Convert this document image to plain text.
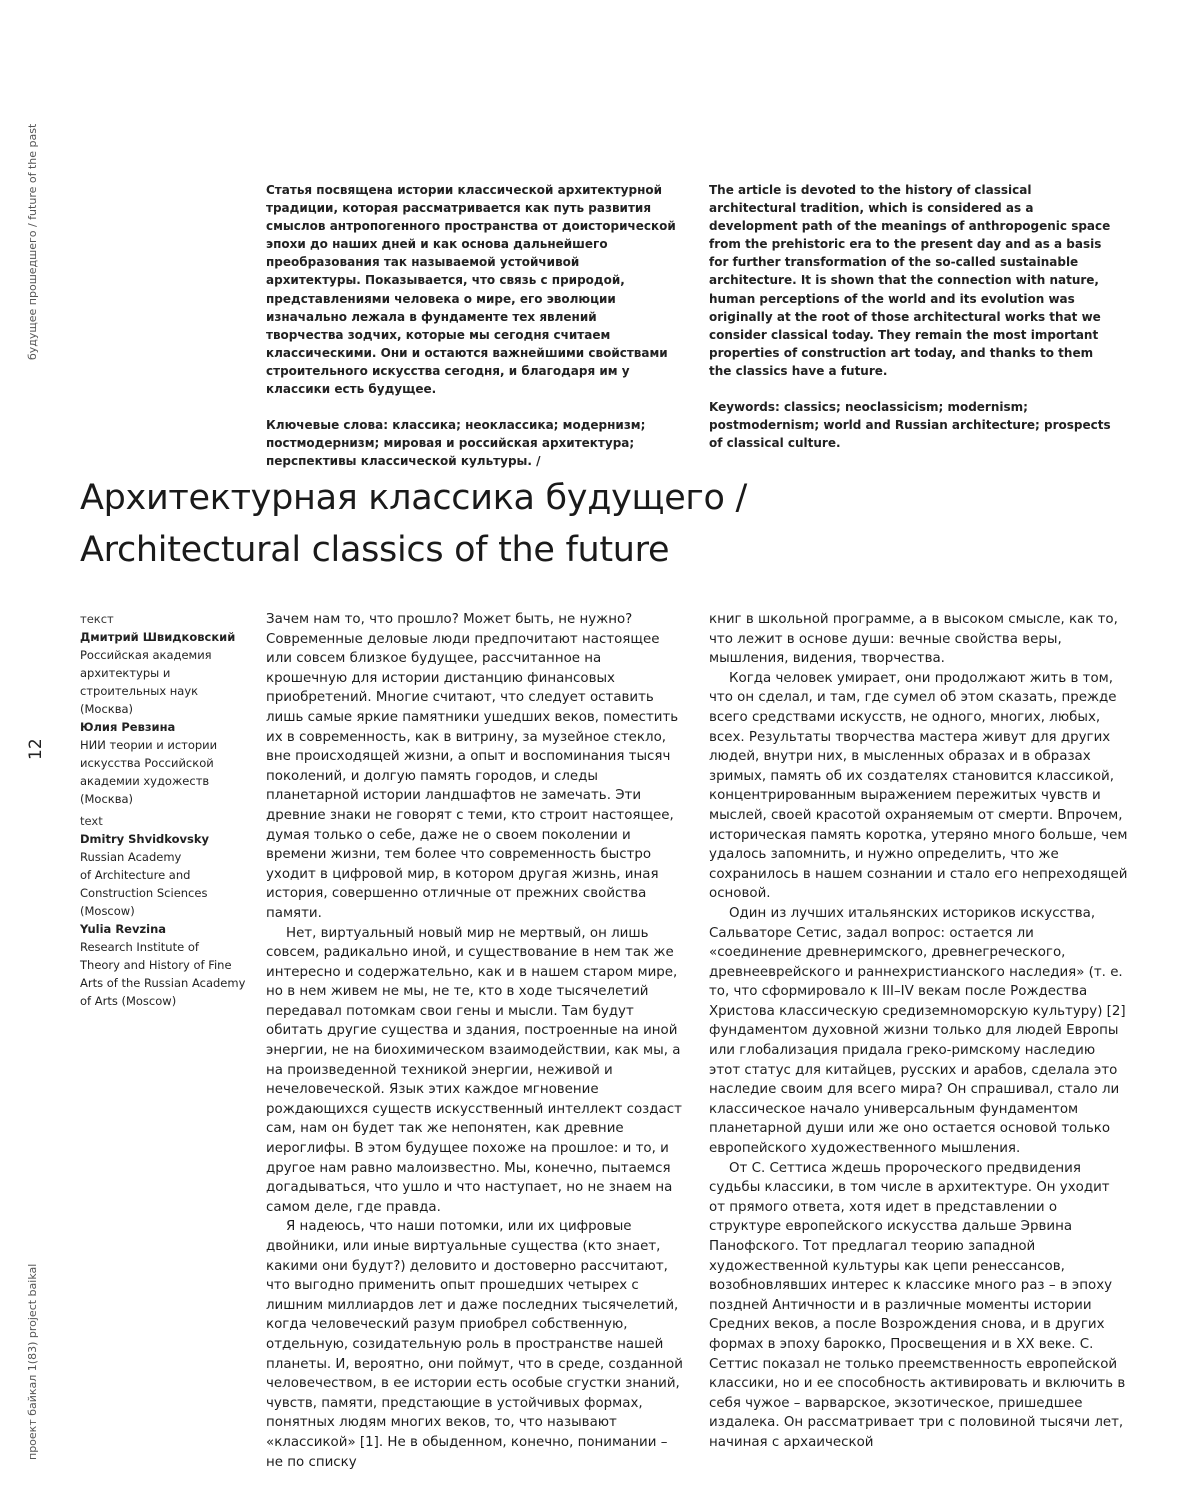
будущее прошедшего / future of the past
12
проект байкал 1(83) project baikal

Статья посвящена истории классической архитектурной традиции, которая рассматривается как путь развития смыслов антропогенного пространства от доисторической эпохи до наших дней и как основа дальнейшего преобразования так называемой устойчивой архитектуры. Показывается, что связь с природой, представлениями человека о мире, его эволюции изначально лежала в фундаменте тех явлений творчества зодчих, которые мы сегодня считаем классическими. Они и остаются важнейшими свойствами строительного искусства сегодня, и благодаря им у классики есть будущее.

Ключевые слова: классика; неоклассика; модернизм; постмодернизм; мировая и российская архитектура; перспективы классической культуры. /

The article is devoted to the history of classical architectural tradition, which is considered as a development path of the meanings of anthropogenic space from the prehistoric era to the present day and as a basis for further transformation of the so-called sustainable architecture. It is shown that the connection with nature, human perceptions of the world and its evolution was originally at the root of those architectural works that we consider classical today. They remain the most important properties of construction art today, and thanks to them the classics have a future.

Keywords: classics; neoclassicism; modernism; postmodernism; world and Russian architecture; prospects of classical culture.

Архитектурная классика будущего /
Architectural classics of the future
текст
Дмитрий Швидковский
Российская академия
архитектуры и
строительных наук
(Москва)
Юлия Ревзина
НИИ теории и истории
искусства Российской
академии художеств
(Москва)
text
Dmitry Shvidkovsky
Russian Academy
of Architecture and
Construction Sciences
(Moscow)
Yulia Revzina
Research Institute of
Theory and History of Fine
Arts of the Russian Academy
of Arts (Moscow)

Зачем нам то, что прошло? Может быть, не нужно? Современные деловые люди предпочитают настоящее или совсем близкое будущее, рассчитанное на крошечную для истории дистанцию финансовых приобретений. Многие считают, что следует оставить лишь самые яркие памятники ушедших веков, поместить их в современность, как в витрину, за музейное стекло, вне происходящей жизни, а опыт и воспоминания тысяч поколений, и долгую память городов, и следы планетарной истории ландшафтов не замечать. Эти древние знаки не говорят с теми, кто строит настоящее, думая только о себе, даже не о своем поколении и времени жизни, тем более что современность быстро уходит в цифровой мир, в котором другая жизнь, иная история, совершенно отличные от прежних свойства памяти.

Нет, виртуальный новый мир не мертвый, он лишь совсем, радикально иной, и существование в нем так же интересно и содержательно, как и в нашем старом мире, но в нем живем не мы, не те, кто в ходе тысячелетий передавал потомкам свои гены и мысли. Там будут обитать другие существа и здания, построенные на иной энергии, не на биохимическом взаимодействии, как мы, а на произведенной техникой энергии, неживой и нечеловеческой. Язык этих каждое мгновение рождающихся существ искусственный интеллект создаст сам, нам он будет так же непонятен, как древние иероглифы. В этом будущее похоже на прошлое: и то, и другое нам равно малоизвестно. Мы, конечно, пытаемся догадываться, что ушло и что наступает, но не знаем на самом деле, где правда.

Я надеюсь, что наши потомки, или их цифровые двойники, или иные виртуальные существа (кто знает, какими они будут?) деловито и достоверно рассчитают, что выгодно применить опыт прошедших четырех с лишним миллиардов лет и даже последних тысячелетий, когда человеческий разум приобрел собственную, отдельную, созидательную роль в пространстве нашей планеты. И, вероятно, они поймут, что в среде, созданной человечеством, в ее истории есть особые сгустки знаний, чувств, памяти, предстающие в устойчивых формах, понятных людям многих веков, то, что называют «классикой» [1]. Не в обыденном, конечно, понимании – не по списку

книг в школьной программе, а в высоком смысле, как то, что лежит в основе души: вечные свойства веры, мышления, видения, творчества.

Когда человек умирает, они продолжают жить в том, что он сделал, и там, где сумел об этом сказать, прежде всего средствами искусств, не одного, многих, любых, всех. Результаты творчества мастера живут для других людей, внутри них, в мысленных образах и в образах зримых, память об их создателях становится классикой, концентрированным выражением пережитых чувств и мыслей, своей красотой охраняемым от смерти. Впрочем, историческая память коротка, утеряно много больше, чем удалось запомнить, и нужно определить, что же сохранилось в нашем сознании и стало его непреходящей основой.

Один из лучших итальянских историков искусства, Сальваторе Сетис, задал вопрос: остается ли «соединение древнеримского, древнегреческого, древнееврейского и раннехристианского наследия» (т. е. то, что сформировало к III–IV векам после Рождества Христова классическую средиземноморскую культуру) [2] фундаментом духовной жизни только для людей Европы или глобализация придала греко-римскому наследию этот статус для китайцев, русских и арабов, сделала это наследие своим для всего мира? Он спрашивал, стало ли классическое начало универсальным фундаментом планетарной души или же оно остается основой только европейского художественного мышления.

От С. Сеттиса ждешь пророческого предвидения судьбы классики, в том числе в архитектуре. Он уходит от прямого ответа, хотя идет в представлении о структуре европейского искусства дальше Эрвина Панофского. Тот предлагал теорию западной художественной культуры как цепи ренессансов, возобновлявших интерес к классике много раз – в эпоху поздней Античности и в различные моменты истории Средних веков, а после Возрождения снова, и в других формах в эпоху барокко, Просвещения и в XX веке. С. Сеттис показал не только преемственность европейской классики, но и ее способность активировать и включить в себя чужое – варварское, экзотическое, пришедшее издалека. Он рассматривает три с половиной тысячи лет, начиная с архаической
